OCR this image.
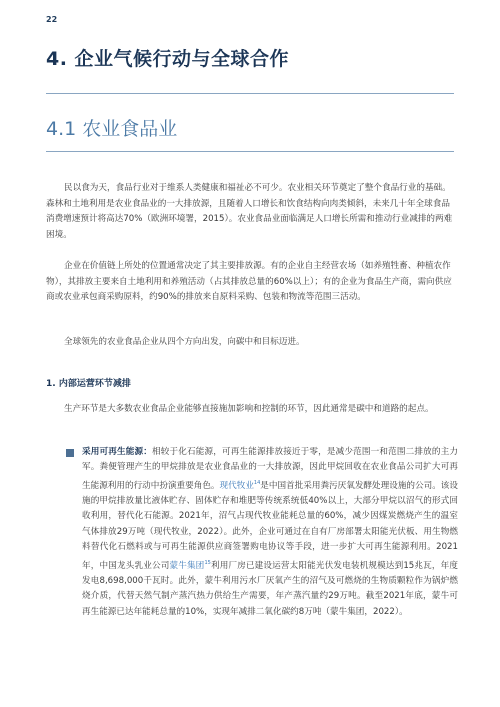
22
4. 企业气候行动与全球合作
4.1 农业食品业

民以食为天，食品行业对于维系人类健康和福祉必不可少。农业相关环节奠定了整个食品行业的基础。森林和土地利用是农业食品业的一大排放源，且随着人口增长和饮食结构向肉类倾斜，未来几十年全球食品消费增速预计将高达70%（欧洲环境署，2015）。农业食品业面临满足人口增长所需和推动行业减排的两难困境。

企业在价值链上所处的位置通常决定了其主要排放源。有的企业自主经营农场（如养殖牲畜、种植农作物），其排放主要来自土地利用和养殖活动（占其排放总量的60%以上）；有的企业为食品生产商，需向供应商或农业承包商采购原料，约90%的排放来自原料采购、包装和物流等范围三活动。

全球领先的农业食品企业从四个方向出发，向碳中和目标迈进。

1. 内部运营环节减排

生产环节是大多数农业食品企业能够直接施加影响和控制的环节，因此通常是碳中和道路的起点。

采用可再生能源：相较于化石能源，可再生能源排放接近于零，是减少范围一和范围二排放的主力军。粪便管理产生的甲烷排放是农业食品业的一大排放源，因此甲烷回收在农业食品公司扩大可再生能源利用的行动中扮演重要角色。现代牧业$^{14}$是中国首批采用粪污厌氧发酵处理设施的公司。该设施的甲烷排放量比液体贮存、固体贮存和堆肥等传统系统低40%以上，大部分甲烷以沼气的形式回收利用，替代化石能源。2021年，沼气占现代牧业能耗总量的60%，减少因煤炭燃烧产生的温室气体排放29万吨（现代牧业，2022）。此外，企业可通过在自有厂房部署太阳能光伏板、用生物燃料替代化石燃料或与可再生能源供应商签署购电协议等手段，进一步扩大可再生能源利用。2021年，中国龙头乳业公司蒙牛集团$^{15}$利用厂房已建设运营太阳能光伏发电装机规模达到15兆瓦，年度发电8,698,000千瓦时。此外，蒙牛利用污水厂厌氧产生的沼气及可燃烧的生物质颗粒作为锅炉燃烧介质，代替天然气制产蒸汽热力供给生产需要，年产蒸汽量约29万吨。截至2021年底，蒙牛可再生能源已达年能耗总量的10%，实现年减排二氧化碳约8万吨（蒙牛集团，2022）。
